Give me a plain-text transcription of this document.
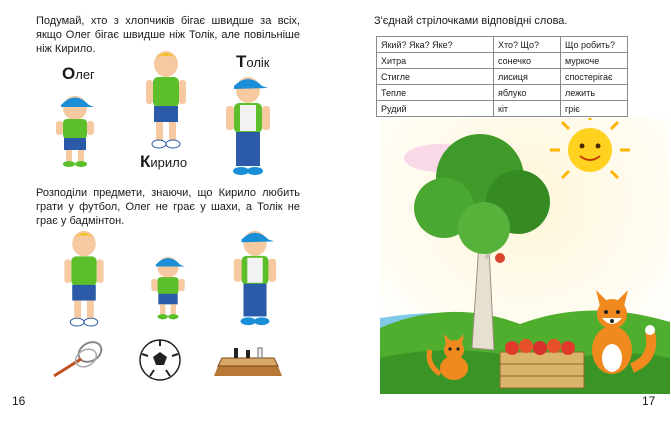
Подумай, хто з хлопчиків бігає швидше за всіх, якщо Олег бігає швидше ніж Толік, але повільніше ніж Кирило.
Олег
Толік
Кирило
Розподіли предмети, знаючи, що Кирило любить грати у футбол, Олег не грає у шахи, а Толік не грає у бадмінтон.
16
З'єднай стрілочками відповідні слова.
Який? Яка? Яке?	Хто? Що?	Що робить?
Хитра	сонечко	муркоче
Стигле	лисиця	спостерігає
Тепле	яблуко	лежить
Рудий	кіт	гріє
17
